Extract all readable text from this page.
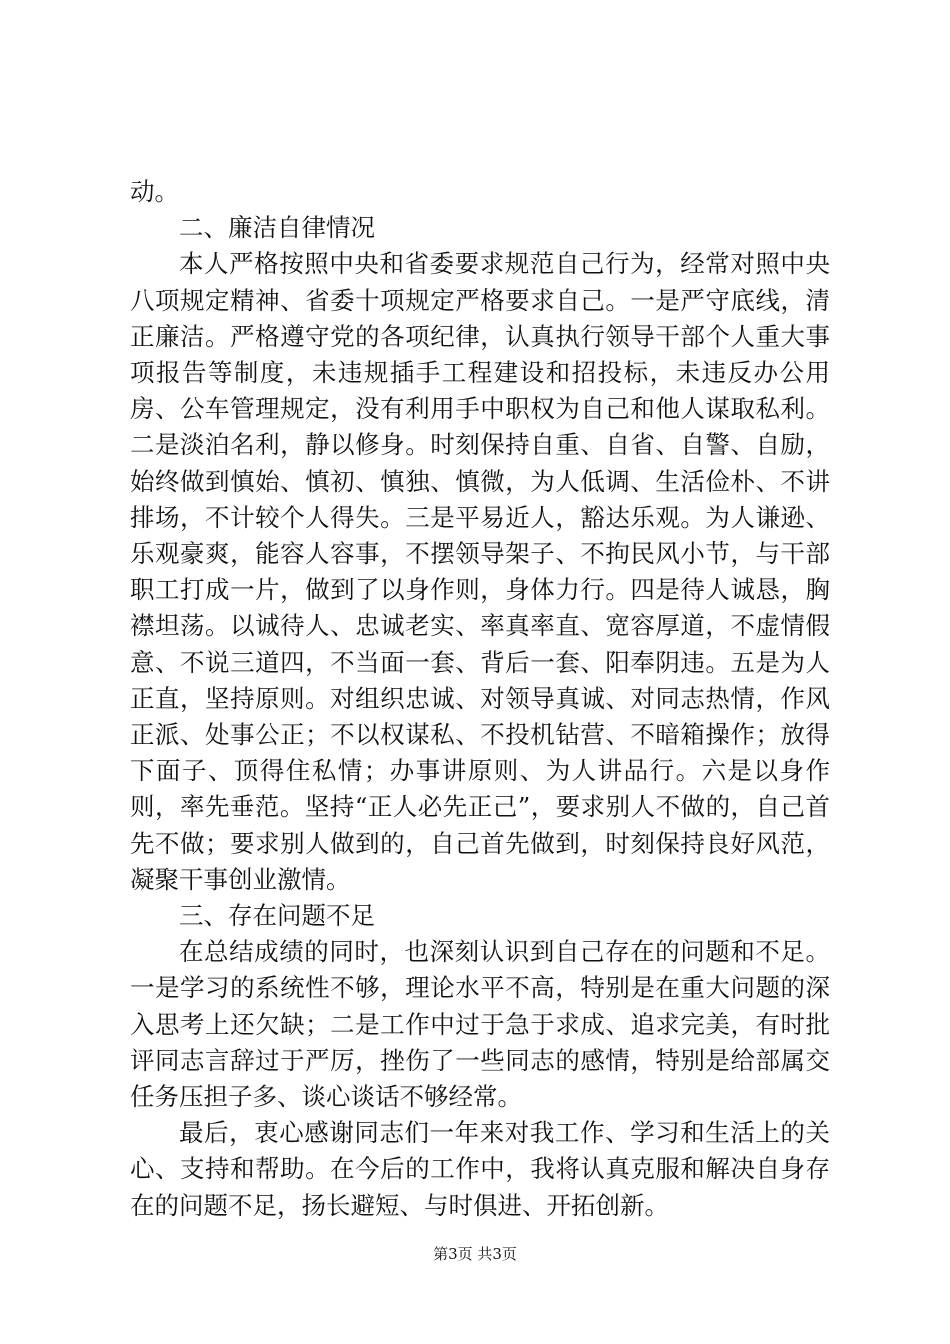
动。

二、廉洁自律情况

本人严格按照中央和省委要求规范自己行为，经常对照中央八项规定精神、省委十项规定严格要求自己。一是严守底线，清正廉洁。严格遵守党的各项纪律，认真执行领导干部个人重大事项报告等制度，未违规插手工程建设和招投标，未违反办公用房、公车管理规定，没有利用手中职权为自己和他人谋取私利。二是淡泊名利，静以修身。时刻保持自重、自省、自警、自励，始终做到慎始、慎初、慎独、慎微，为人低调、生活俭朴、不讲排场，不计较个人得失。三是平易近人，豁达乐观。为人谦逊、乐观豪爽，能容人容事，不摆领导架子、不拘民风小节，与干部职工打成一片，做到了以身作则，身体力行。四是待人诚恳，胸襟坦荡。以诚待人、忠诚老实、率真率直、宽容厚道，不虚情假意、不说三道四，不当面一套、背后一套、阳奉阴违。五是为人正直，坚持原则。对组织忠诚、对领导真诚、对同志热情，作风正派、处事公正；不以权谋私、不投机钻营、不暗箱操作；放得下面子、顶得住私情；办事讲原则、为人讲品行。六是以身作则，率先垂范。坚持“正人必先正己”，要求别人不做的，自己首先不做；要求别人做到的，自己首先做到，时刻保持良好风范，凝聚干事创业激情。

三、存在问题不足

在总结成绩的同时，也深刻认识到自己存在的问题和不足。一是学习的系统性不够，理论水平不高，特别是在重大问题的深入思考上还欠缺；二是工作中过于急于求成、追求完美，有时批评同志言辞过于严厉，挫伤了一些同志的感情，特别是给部属交任务压担子多、谈心谈话不够经常。

最后，衷心感谢同志们一年来对我工作、学习和生活上的关心、支持和帮助。在今后的工作中，我将认真克服和解决自身存在的问题不足，扬长避短、与时俱进、开拓创新。

第3页 共3页
